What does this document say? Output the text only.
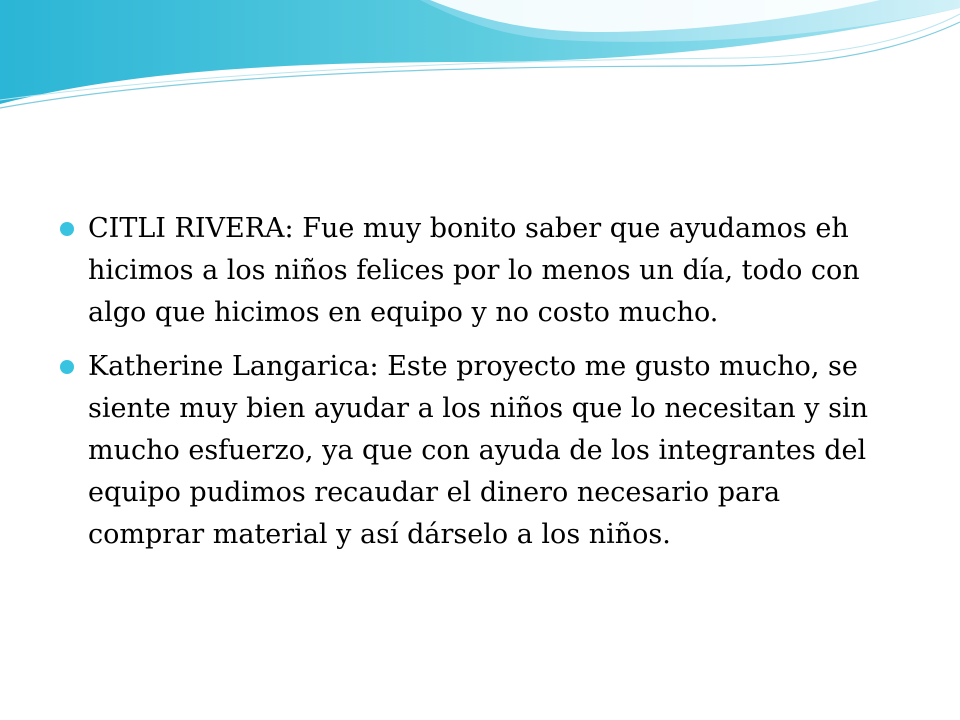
CITLI RIVERA: Fue muy bonito saber que ayudamos eh hicimos a los niños felices por lo menos un día, todo con algo que hicimos en equipo y no costo mucho.
Katherine Langarica: Este proyecto me gusto mucho, se siente muy bien ayudar a los niños que lo necesitan y sin mucho esfuerzo, ya que con ayuda de los integrantes del equipo pudimos recaudar el dinero necesario para comprar material y así dárselo a los niños.
